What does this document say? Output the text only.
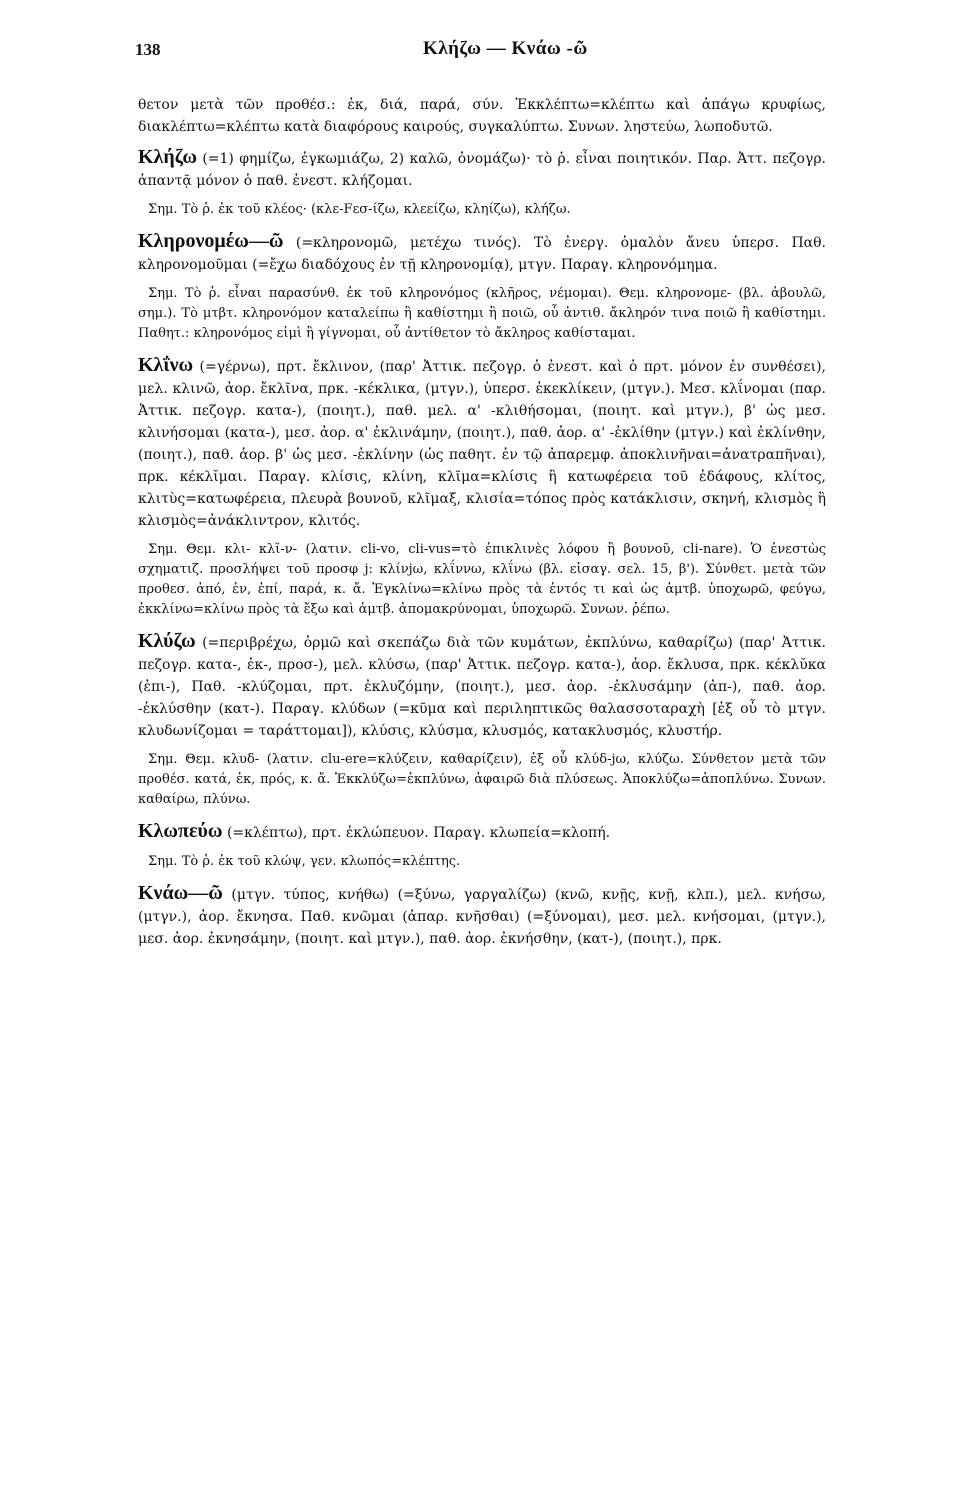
138	Κλήζω — Κνάω -ῶ

θετον μετὰ τῶν προθέσ.: ἐκ, διά, παρά, σύν. Ἐκκλέπτω=κλέπτω καὶ ἀπάγω κρυφίως, διακλέπτω=κλέπτω κατὰ διαφόρους καιρούς, συγκαλύπτω. Συνων. ληστεύω, λωποδυτῶ.

Κλήζω (=1) φημίζω, ἐγκωμιάζω, 2) καλῶ, ὀνομάζω)· τὸ ῥ. εἶναι ποιητικόν. Παρ. Ἀττ. πεζογρ. ἀπαντᾷ μόνον ὁ παθ. ἐνεστ. κλήζομαι.

Σημ. Τὸ ῥ. ἐκ τοῦ κλέος· (κλε-Fεσ-ίζω, κλεείζω, κληίζω), κλήζω.

Κληρονομέω—ῶ (=κληρονομῶ, μετέχω τινός). Τὸ ἐνεργ. ὁμαλὸν ἄνευ ὑπερσ. Παθ. κληρονομοῦμαι (=ἔχω διαδόχους ἐν τῇ κληρονομίᾳ), μτγν. Παραγ. κληρονόμημα.

Σημ. Τὸ ῥ. εἶναι παρασύνθ. ἐκ τοῦ κληρονόμος (κλῆρος, νέμομαι). Θεμ. κληρονομε- (βλ. ἀβουλῶ, σημ.). Τὸ μτβτ. κληρονόμον καταλείπω ἢ καθίστημι ἢ ποιῶ, οὗ ἀντιθ. ἄκληρόν τινα ποιῶ ἢ καθίστημι. Παθητ.: κληρονόμος εἰμὶ ἢ γίγνομαι, οὗ ἀντίθετον τὸ ἄκληρος καθίσταμαι.

Κλΐνω (=γέρνω), πρτ. ἔκλινον, (παρ' Ἀττικ. πεζογρ. ὁ ἐνεστ. καὶ ὁ πρτ. μόνον ἐν συνθέσει), μελ. κλινῶ, ἀορ. ἔκλῖνα, πρκ. -κέκλικα, (μτγν.), ὑπερσ. ἐκεκλίκειν, (μτγν.). Μεσ. κλΐνομαι (παρ. Ἀττικ. πεζογρ. κατα-), (ποιητ.), παθ. μελ. α' -κλιθήσομαι, (ποιητ. καὶ μτγν.), β' ὡς μεσ. κλινήσομαι (κατα-), μεσ. ἀορ. α' ἐκλινάμην, (ποιητ.), παθ. ἀορ. α' -ἐκλίθην (μτγν.) καὶ ἐκλίνθην, (ποιητ.), παθ. ἀορ. β' ὡς μεσ. -ἐκλίνην (ὡς παθητ. ἐν τῷ ἀπαρεμφ. ἀποκλινῆναι=ἀνατραπῆναι), πρκ. κέκλῐμαι. Παραγ. κλίσις, κλίνη, κλῖμα=κλίσις ἢ κατωφέρεια τοῦ ἐδάφους, κλίτος, κλιτὺς=κατωφέρεια, πλευρὰ βουνοῦ, κλῖμαξ, κλισία=τόπος πρὸς κατάκλισιν, σκηνή, κλισμὸς ἢ κλισμὸς=ἀνάκλιντρον, κλιτός.

Σημ. Θεμ. κλι- κλῐ-ν- (λατιν. cli-vo, cli-vus=τὸ ἐπικλινὲς λόφου ἢ βουνοῦ, cli-nare). Ὁ ἐνεστὼς σχηματιζ. προσλήψει τοῦ προσφ j: κλίνjω, κλΐννω, κλΐνω (βλ. εἰσαγ. σελ. 15, β'). Σύνθετ. μετὰ τῶν προθεσ. ἀπό, ἐν, ἐπί, παρά, κ. ἄ. Ἐγκλίνω=κλίνω πρὸς τὰ ἐντός τι καὶ ὡς ἀμτβ. ὑποχωρῶ, φεύγω, ἐκκλίνω=κλίνω πρὸς τὰ ἔξω καὶ ἀμτβ. ἀπομακρύνομαι, ὑποχωρῶ. Συνων. ῥέπω.

Κλύζω (=περιβρέχω, ὁρμῶ καὶ σκεπάζω διὰ τῶν κυμάτων, ἐκπλύνω, καθαρίζω) (παρ' Ἀττικ. πεζογρ. κατα-, ἐκ-, προσ-), μελ. κλύσω, (παρ' Ἀττικ. πεζογρ. κατα-), ἀορ. ἔκλυσα, πρκ. κέκλῠκα (ἐπι-), Παθ. -κλύζομαι, πρτ. ἐκλυζόμην, (ποιητ.), μεσ. ἀορ. -ἐκλυσάμην (ἀπ-), παθ. ἀορ. -ἐκλύσθην (κατ-). Παραγ. κλύδων (=κῦμα καὶ περιληπτικῶς θαλασσοταραχὴ [ἐξ οὗ τὸ μτγν. κλυδωνίζομαι = ταράττομαι]), κλύσις, κλύσμα, κλυσμός, κατακλυσμός, κλυστήρ.

Σημ. Θεμ. κλυδ- (λατιν. clu-ere=κλύζειν, καθαρίζειν), ἐξ οὗ κλύδ-jω, κλύζω. Σύνθετον μετὰ τῶν προθέσ. κατά, ἐκ, πρός, κ. ἄ. Ἐκκλύζω=ἐκπλύνω, ἀφαιρῶ διὰ πλύσεως. Ἀποκλύζω=ἀποπλύνω. Συνων. καθαίρω, πλύνω.

Κλωπεύω (=κλέπτω), πρτ. ἐκλώπευον. Παραγ. κλωπεία=κλοπή.

Σημ. Τὸ ῥ. ἐκ τοῦ κλώψ, γεν. κλωπός=κλέπτης.

Κνάω—ῶ (μτγν. τύπος, κνήθω) (=ξύνω, γαργαλίζω) (κνῶ, κνῇς, κνῇ, κλπ.), μελ. κνήσω, (μτγν.), ἀορ. ἔκνησα. Παθ. κνῶμαι (ἀπαρ. κνῆσθαι) (=ξύνομαι), μεσ. μελ. κνήσομαι, (μτγν.), μεσ. ἀορ. ἐκνησάμην, (ποιητ. καὶ μτγν.), παθ. ἀορ. ἐκνήσθην, (κατ-), (ποιητ.), πρκ.
